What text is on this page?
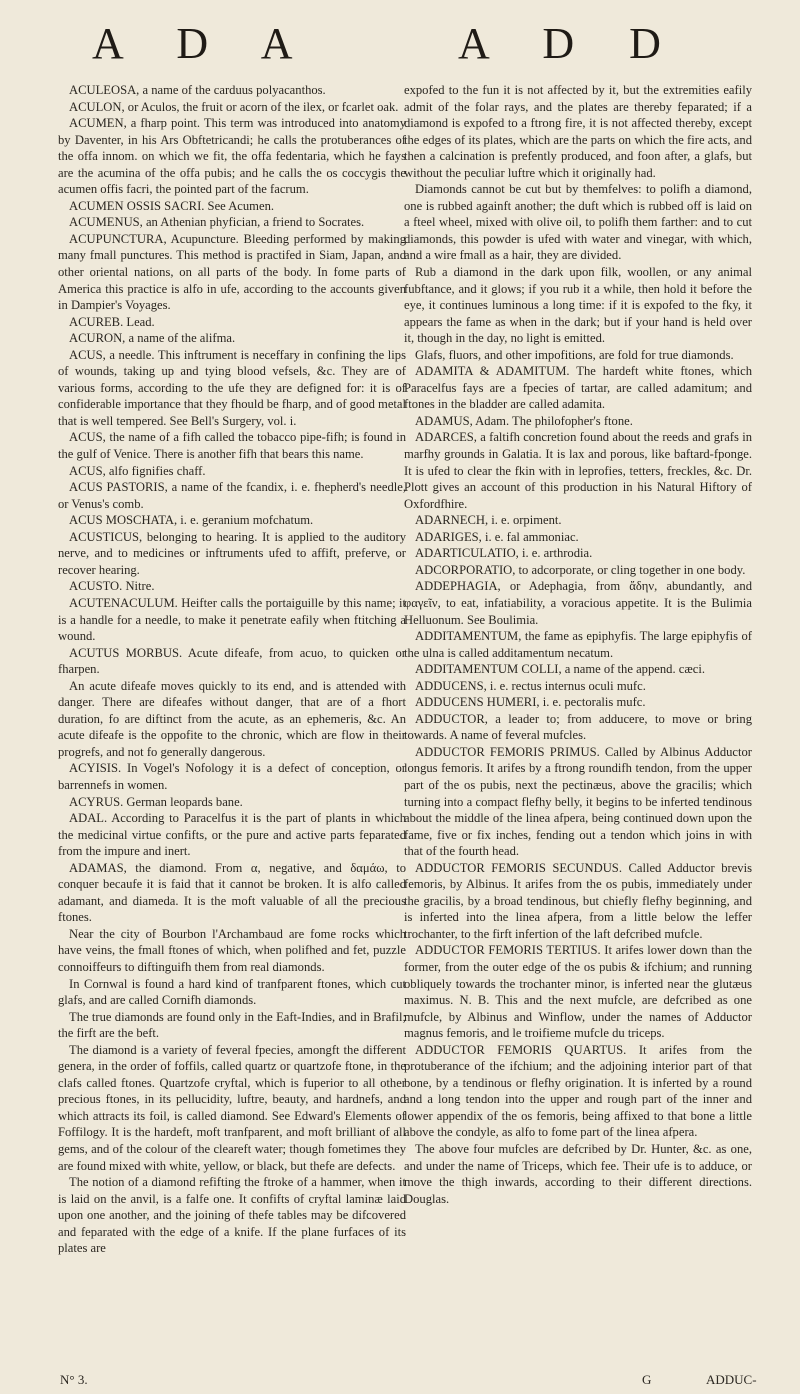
A D A	A D D

ACULEOSA, a name of the carduus polyacanthos.

ACULON, or Aculos, the fruit or acorn of the ilex, or fcarlet oak.

ACUMEN, a fharp point. This term was introduced into anatomy by Daventer, in his Ars Obftetricandi; he calls the protuberances of the offa innom. on which we fit, the offa fedentaria, which he fays are the acumina of the offa pubis; and he calls the os coccygis the acumen offis facri, the pointed part of the facrum.

ACUMEN OSSIS SACRI. See Acumen.

ACUMENUS, an Athenian phyfician, a friend to Socrates.

ACUPUNCTURA, Acupuncture. Bleeding performed by making many fmall punctures. This method is practifed in Siam, Japan, and other oriental nations, on all parts of the body. In fome parts of America this practice is alfo in ufe, according to the accounts given in Dampier's Voyages.

ACUREB. Lead.

ACURON, a name of the alifma.

ACUS, a needle. This inftrument is neceffary in confining the lips of wounds, taking up and tying blood vefsels, &c. They are of various forms, according to the ufe they are defigned for: it is of confiderable importance that they fhould be fharp, and of good metal that is well tempered. See Bell's Surgery, vol. i.

ACUS, the name of a fifh called the tobacco pipe-fifh; is found in the gulf of Venice. There is another fifh that bears this name.

ACUS, alfo fignifies chaff.

ACUS PASTORIS, a name of the fcandix, i. e. fhepherd's needle, or Venus's comb.

ACUS MOSCHATA, i. e. geranium mofchatum.

ACUSTICUS, belonging to hearing. It is applied to the auditory nerve, and to medicines or inftruments ufed to affift, preferve, or recover hearing.

ACUSTO. Nitre.

ACUTENACULUM. Heifter calls the portaiguille by this name; it is a handle for a needle, to make it penetrate eafily when ftitching a wound.

ACUTUS MORBUS. Acute difeafe, from acuo, to quicken or fharpen.

An acute difeafe moves quickly to its end, and is attended with danger. There are difeafes without danger, that are of a fhort duration, fo are diftinct from the acute, as an ephemeris, &c. An acute difeafe is the oppofite to the chronic, which are flow in their progrefs, and not fo generally dangerous.

ACYISIS. In Vogel's Nofology it is a defect of conception, or barrennefs in women.

ACYRUS. German leopards bane.

ADAL. According to Paracelfus it is the part of plants in which the medicinal virtue confifts, or the pure and active parts feparated from the impure and inert.

ADAMAS, the diamond. From α, negative, and δαμάω, to conquer becaufe it is faid that it cannot be broken. It is alfo called adamant, and diameda. It is the moft valuable of all the precious ftones.

Near the city of Bourbon l'Archambaud are fome rocks which have veins, the fmall ftones of which, when polifhed and fet, puzzle connoiffeurs to diftinguifh them from real diamonds.

In Cornwal is found a hard kind of tranfparent ftones, which cut glafs, and are called Cornifh diamonds.

The true diamonds are found only in the Eaft-Indies, and in Brafil; the firft are the beft.

The diamond is a variety of feveral fpecies, amongft the different genera, in the order of foffils, called quartz or quartzofe ftone, in the clafs called ftones. Quartzofe cryftal, which is fuperior to all other precious ftones, in its pellucidity, luftre, beauty, and hardnefs, and which attracts its foil, is called diamond. See Edward's Elements of Foffilogy. It is the hardeft, moft tranfparent, and moft brilliant of all gems, and of the colour of the cleareft water; though fometimes they are found mixed with white, yellow, or black, but thefe are defects.

The notion of a diamond refifting the ftroke of a hammer, when it is laid on the anvil, is a falfe one. It confifts of cryftal laminæ laid upon one another, and the joining of thefe tables may be difcovered and feparated with the edge of a knife. If the plane furfaces of its plates are

expofed to the fun it is not affected by it, but the extremities eafily admit of the folar rays, and the plates are thereby feparated; if a diamond is expofed to a ftrong fire, it is not affected thereby, except the edges of its plates, which are the parts on which the fire acts, and then a calcination is prefently produced, and foon after, a glafs, but without the peculiar luftre which it originally had.

Diamonds cannot be cut but by themfelves: to polifh a diamond, one is rubbed againft another; the duft which is rubbed off is laid on a fteel wheel, mixed with olive oil, to polifh them farther: and to cut diamonds, this powder is ufed with water and vinegar, with which, and a wire fmall as a hair, they are divided.

Rub a diamond in the dark upon filk, woollen, or any animal fubftance, and it glows; if you rub it a while, then hold it before the eye, it continues luminous a long time: if it is expofed to the fky, it appears the fame as when in the dark; but if your hand is held over it, though in the day, no light is emitted.

Glafs, fluors, and other impofitions, are fold for true diamonds.

ADAMITA & ADAMITUM. The hardeft white ftones, which Paracelfus fays are a fpecies of tartar, are called adamitum; and ftones in the bladder are called adamita.

ADAMUS, Adam. The philofopher's ftone.

ADARCES, a faltifh concretion found about the reeds and grafs in marfhy grounds in Galatia. It is lax and porous, like baftard-fponge. It is ufed to clear the fkin with in leprofies, tetters, freckles, &c. Dr. Plott gives an account of this production in his Natural Hiftory of Oxfordfhire.

ADARNECH, i. e. orpiment.

ADARIGES, i. e. fal ammoniac.

ADARTICULATIO, i. e. arthrodia.

ADCORPORATIO, to adcorporate, or cling together in one body.

ADDEPHAGIA, or Adephagia, from ἄδην, abundantly, and φαγεῖν, to eat, infatiability, a voracious appetite. It is the Bulimia Helluonum. See Boulimia.

ADDITAMENTUM, the fame as epiphyfis. The large epiphyfis of the ulna is called additamentum necatum.

ADDITAMENTUM COLLI, a name of the append. cæci.

ADDUCENS, i. e. rectus internus oculi mufc.

ADDUCENS HUMERI, i. e. pectoralis mufc.

ADDUCTOR, a leader to; from adducere, to move or bring towards. A name of feveral mufcles.

ADDUCTOR FEMORIS PRIMUS. Called by Albinus Adductor longus femoris. It arifes by a ftrong roundifh tendon, from the upper part of the os pubis, next the pectinæus, above the gracilis; which turning into a compact flefhy belly, it begins to be inferted tendinous about the middle of the linea afpera, being continued down upon the fame, five or fix inches, fending out a tendon which joins in with that of the fourth head.

ADDUCTOR FEMORIS SECUNDUS. Called Adductor brevis femoris, by Albinus. It arifes from the os pubis, immediately under the gracilis, by a broad tendinous, but chiefly flefhy beginning, and is inferted into the linea afpera, from a little below the leffer trochanter, to the firft infertion of the laft defcribed mufcle.

ADDUCTOR FEMORIS TERTIUS. It arifes lower down than the former, from the outer edge of the os pubis & ifchium; and running obliquely towards the trochanter minor, is inferted near the glutæus maximus. N. B. This and the next mufcle, are defcribed as one mufcle, by Albinus and Winflow, under the names of Adductor magnus femoris, and le troifieme mufcle du triceps.

ADDUCTOR FEMORIS QUARTUS. It arifes from the protuberance of the ifchium; and the adjoining interior part of that bone, by a tendinous or flefhy origination. It is inferted by a round and a long tendon into the upper and rough part of the inner and lower appendix of the os femoris, being affixed to that bone a little above the condyle, as alfo to fome part of the linea afpera.

The above four mufcles are defcribed by Dr. Hunter, &c. as one, and under the name of Triceps, which fee. Their ufe is to adduce, or move the thigh inwards, according to their different directions. Douglas.

N° 3.	G	ADDUC-
